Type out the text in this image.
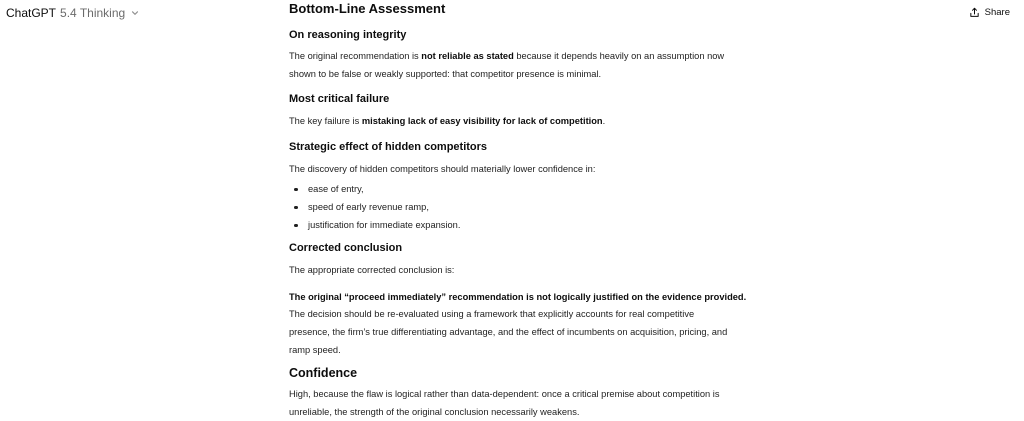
ChatGPT 5.4 Thinking	Share
Bottom-Line Assessment
On reasoning integrity
The original recommendation is not reliable as stated because it depends heavily on an assumption now
shown to be false or weakly supported: that competitor presence is minimal.
Most critical failure
The key failure is mistaking lack of easy visibility for lack of competition.
Strategic effect of hidden competitors
The discovery of hidden competitors should materially lower confidence in:
ease of entry,
speed of early revenue ramp,
justification for immediate expansion.
Corrected conclusion
The appropriate corrected conclusion is:
The original “proceed immediately” recommendation is not logically justified on the evidence provided.
The decision should be re-evaluated using a framework that explicitly accounts for real competitive
presence, the firm’s true differentiating advantage, and the effect of incumbents on acquisition, pricing, and
ramp speed.
Confidence
High, because the flaw is logical rather than data-dependent: once a critical premise about competition is
unreliable, the strength of the original conclusion necessarily weakens.
